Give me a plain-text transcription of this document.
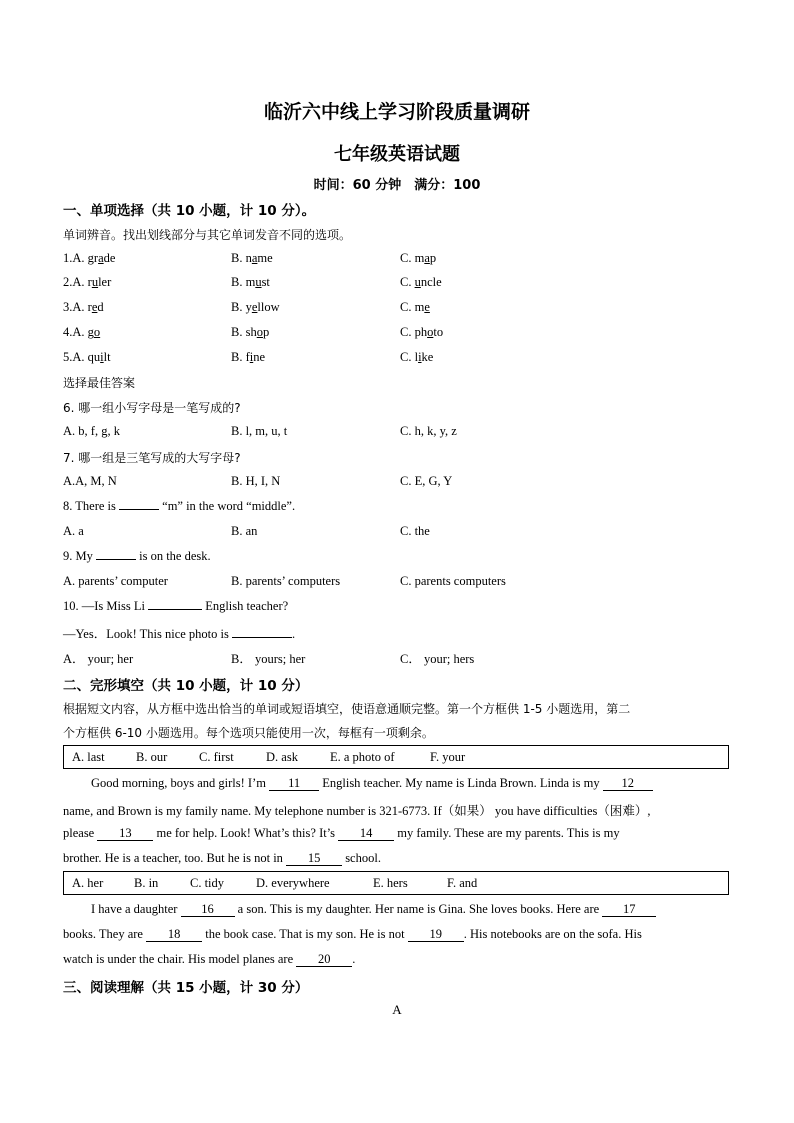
临沂六中线上学习阶段质量调研
七年级英语试题
时间：60 分钟　满分：100
一、单项选择（共 10 小题，计 10 分）。
单词辨音。找出划线部分与其它单词发音不同的选项。
1.A. grade	B. name	C. map
2.A. ruler	B. must	C. uncle
3.A. red	B. yellow	C. me
4.A. go	B. shop	C. photo
5.A. quilt	B. fine	C. like
选择最佳答案
6. 哪一组小写字母是一笔写成的?
A. b, f, g, k	B. l, m, u, t	C. h, k, y, z
7. 哪一组是三笔写成的大写字母?
A.A, M, N	B. H, I, N	C. E, G, Y
8. There is	“m” in the word “middle”.
A. a	B. an	C. the
9. My	is on the desk.
A. parents’ computer	B. parents’ computers	C. parents computers
10. —Is Miss Li	English teacher?
—Yes．Look! This nice photo is	.
A． your; her	B． yours; her	C． your; hers
二、完形填空（共 10 小题，计 10 分）
根据短文内容，从方框中选出恰当的单词或短语填空，使语意通顺完整。第一个方框供 1-5 小题选用，第二
个方框供 6-10 小题选用。每个选项只能使用一次，每框有一项剩余。
A. last	B. our	C. first	D. ask	E. a photo of	F. your
Good morning, boys and girls! I’m 11 English teacher. My name is Linda Brown. Linda is my 12
name, and Brown is my family name. My telephone number is 321-6773. If（如果） you have difficulties（困难）,
please 13 me for help. Look! What’s this? It’s 14 my family. These are my parents. This is my
brother. He is a teacher, too. But he is not in 15 school.
A. her B. in	C. tidy	D. everywhere	E. hers	F. and
I have a daughter 16 a son. This is my daughter. Her name is Gina. She loves books. Here are 17
books. They are 18 the book case. That is my son. He is not 19 . His notebooks are on the sofa. His
watch is under the chair. His model planes are 20 .
三、阅读理解（共 15 小题，计 30 分）
A
